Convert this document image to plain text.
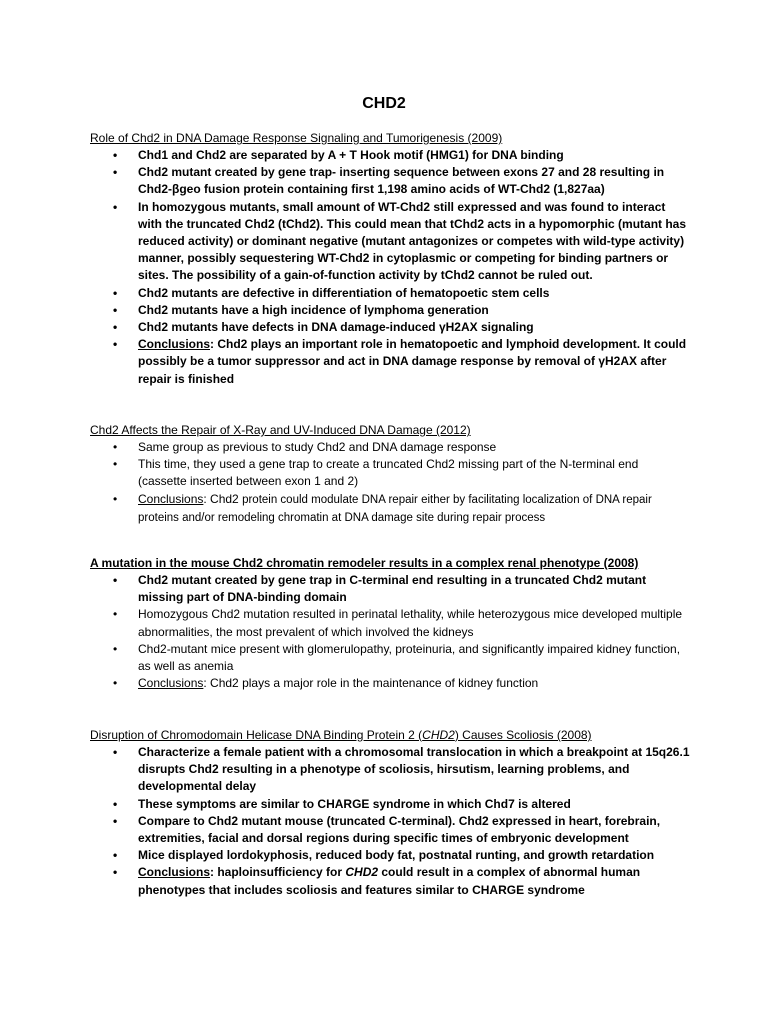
CHD2
Role of Chd2 in DNA Damage Response Signaling and Tumorigenesis (2009)
• Chd1 and Chd2 are separated by A + T Hook motif (HMG1) for DNA binding
• Chd2 mutant created by gene trap- inserting sequence between exons 27 and 28 resulting in Chd2-βgeo fusion protein containing first 1,198 amino acids of WT-Chd2 (1,827aa)
• In homozygous mutants, small amount of WT-Chd2 still expressed and was found to interact with the truncated Chd2 (tChd2). This could mean that tChd2 acts in a hypomorphic (mutant has reduced activity) or dominant negative (mutant antagonizes or competes with wild-type activity) manner, possibly sequestering WT-Chd2 in cytoplasmic or competing for binding partners or sites. The possibility of a gain-of-function activity by tChd2 cannot be ruled out.
• Chd2 mutants are defective in differentiation of hematopoetic stem cells
• Chd2 mutants have a high incidence of lymphoma generation
• Chd2 mutants have defects in DNA damage-induced γH2AX signaling
• Conclusions: Chd2 plays an important role in hematopoetic and lymphoid development. It could possibly be a tumor suppressor and act in DNA damage response by removal of γH2AX after repair is finished
Chd2 Affects the Repair of X-Ray and UV-Induced DNA Damage (2012)
• Same group as previous to study Chd2 and DNA damage response
• This time, they used a gene trap to create a truncated Chd2 missing part of the N-terminal end (cassette inserted between exon 1 and 2)
• Conclusions: Chd2 protein could modulate DNA repair either by facilitating localization of DNA repair proteins and/or remodeling chromatin at DNA damage site during repair process
A mutation in the mouse Chd2 chromatin remodeler results in a complex renal phenotype (2008)
• Chd2 mutant created by gene trap in C-terminal end resulting in a truncated Chd2 mutant missing part of DNA-binding domain
• Homozygous Chd2 mutation resulted in perinatal lethality, while heterozygous mice developed multiple abnormalities, the most prevalent of which involved the kidneys
• Chd2-mutant mice present with glomerulopathy, proteinuria, and significantly impaired kidney function, as well as anemia
• Conclusions: Chd2 plays a major role in the maintenance of kidney function
Disruption of Chromodomain Helicase DNA Binding Protein 2 (CHD2) Causes Scoliosis (2008)
• Characterize a female patient with a chromosomal translocation in which a breakpoint at 15q26.1 disrupts Chd2 resulting in a phenotype of scoliosis, hirsutism, learning problems, and developmental delay
• These symptoms are similar to CHARGE syndrome in which Chd7 is altered
• Compare to Chd2 mutant mouse (truncated C-terminal). Chd2 expressed in heart, forebrain, extremities, facial and dorsal regions during specific times of embryonic development
• Mice displayed lordokyphosis, reduced body fat, postnatal runting, and growth retardation
• Conclusions: haploinsufficiency for CHD2 could result in a complex of abnormal human phenotypes that includes scoliosis and features similar to CHARGE syndrome
